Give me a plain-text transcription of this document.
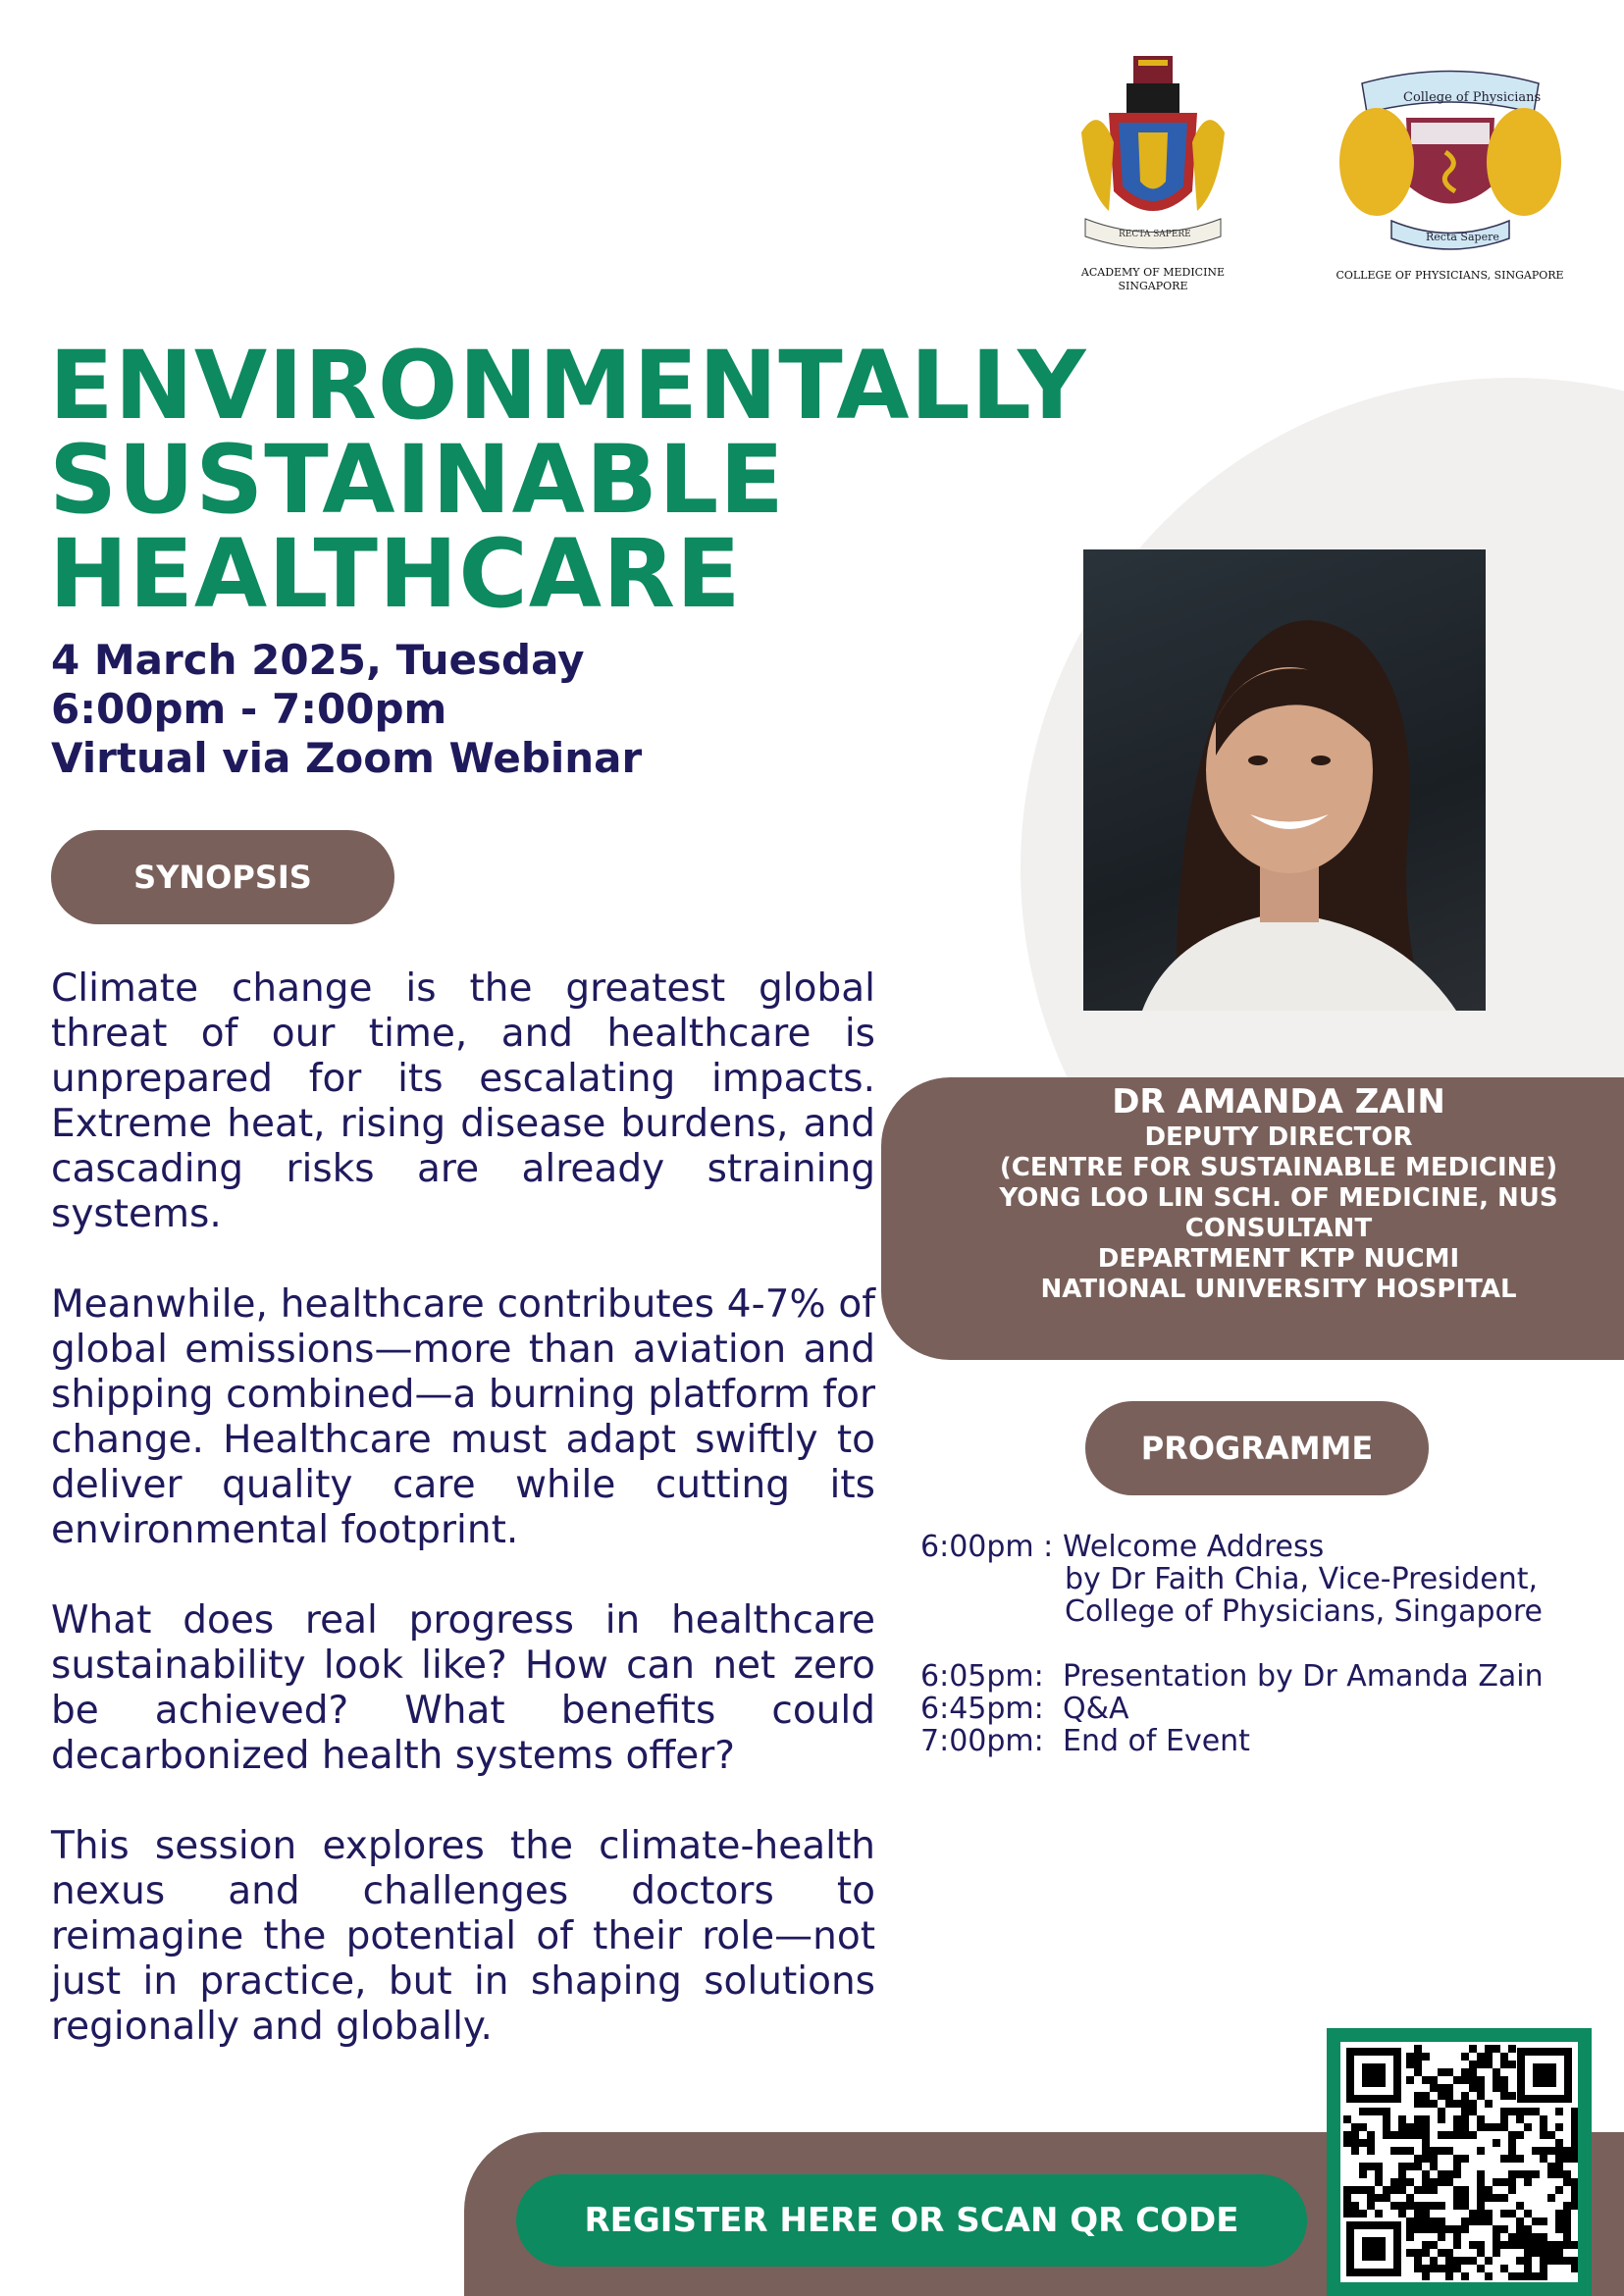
RECTA SAPERE
ACADEMY OF MEDICINE SINGAPORE
College of Physicians
Recta Sapere
COLLEGE OF PHYSICIANS, SINGAPORE
ENVIRONMENTALLY
SUSTAINABLE
HEALTHCARE
4 March 2025, Tuesday
6:00pm - 7:00pm
Virtual via Zoom Webinar
SYNOPSIS

Climate change is the greatest global threat of our time, and healthcare is unprepared for its escalating impacts. Extreme heat, rising disease burdens, and cascading risks are already straining systems.

Meanwhile, healthcare contributes 4-7% of global emissions—more than aviation and shipping combined—a burning platform for change. Healthcare must adapt swiftly to deliver quality care while cutting its environmental footprint.

What does real progress in healthcare sustainability look like? How can net zero be achieved? What benefits could decarbonized health systems offer?

This session explores the climate-health nexus and challenges doctors to reimagine the potential of their role—not just in practice, but in shaping solutions regionally and globally.

DR AMANDA ZAIN
DEPUTY DIRECTOR
(CENTRE FOR SUSTAINABLE MEDICINE)
YONG LOO LIN SCH. OF MEDICINE, NUS
CONSULTANT
DEPARTMENT KTP NUCMI
NATIONAL UNIVERSITY HOSPITAL
PROGRAMME
6:00pm : Welcome Address
by Dr Faith Chia, Vice-President,
College of Physicians, Singapore
6:05pm: Presentation by Dr Amanda Zain
6:45pm: Q&A
7:00pm: End of Event
REGISTER HERE OR SCAN QR CODE
